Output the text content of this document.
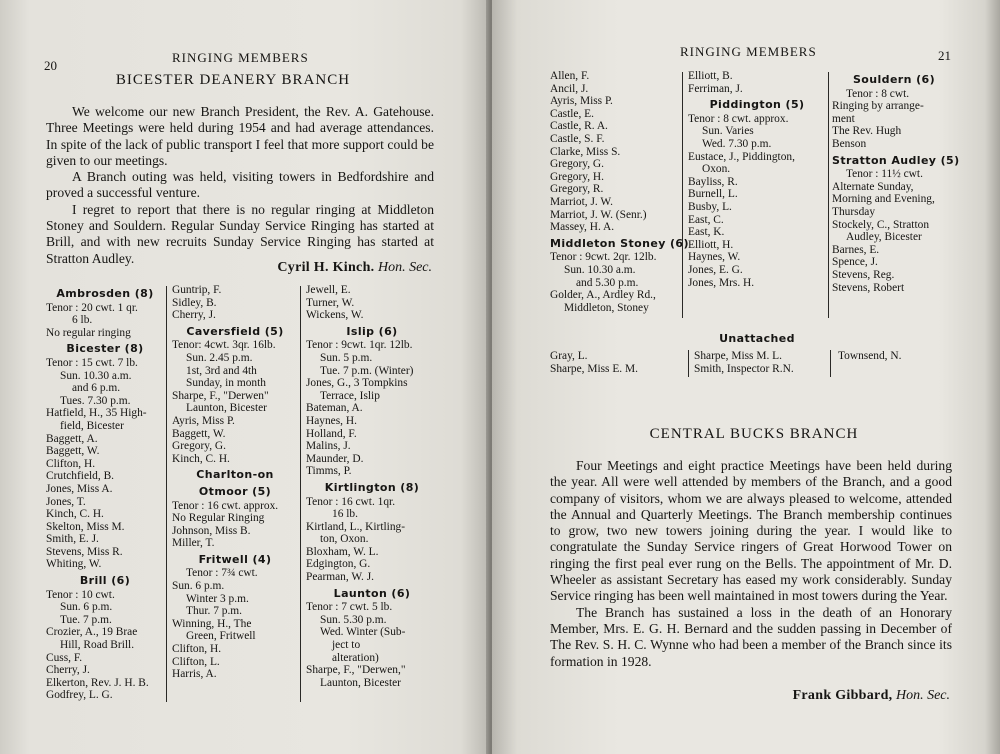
20
RINGING MEMBERS
BICESTER DEANERY BRANCH

We welcome our new Branch President, the Rev. A. Gatehouse. Three Meetings were held during 1954 and had average attendances. In spite of the lack of public transport I feel that more support could be given to our meetings.

A Branch outing was held, visiting towers in Bedfordshire and proved a successful venture.

I regret to report that there is no regular ringing at Middleton Stoney and Souldern. Regular Sunday Service Ringing has started at Brill, and with new recruits Sunday Service Ringing has started at Stratton Audley.

Cyril H. Kinch. Hon. Sec.
Ambrosden (8)
Tenor : 20 cwt. 1 qr.
6 lb.
No regular ringing
Bicester (8)
Tenor : 15 cwt. 7 lb.
Sun. 10.30 a.m.
and 6 p.m.
Tues. 7.30 p.m.
Hatfield, H., 35 High-
field, Bicester
Baggett, A.
Baggett, W.
Clifton, H.
Crutchfield, B.
Jones, Miss A.
Jones, T.
Kinch, C. H.
Skelton, Miss M.
Smith, E. J.
Stevens, Miss R.
Whiting, W.
Brill (6)
Tenor : 10 cwt.
Sun. 6 p.m.
Tue. 7 p.m.
Crozier, A., 19 Brae
Hill, Road Brill.
Cuss, F.
Cherry, J.
Elkerton, Rev. J. H. B.
Godfrey, L. G.
Guntrip, F.
Sidley, B.
Cherry, J.
Caversfield (5)
Tenor: 4cwt. 3qr. 16lb.
Sun. 2.45 p.m.
1st, 3rd and 4th
Sunday, in month
Sharpe, F., "Derwen"
Launton, Bicester
Ayris, Miss P.
Baggett, W.
Gregory, G.
Kinch, C. H.
Charlton-on
Otmoor (5)
Tenor : 16 cwt. approx.
No Regular Ringing
Johnson, Miss B.
Miller, T.
Fritwell (4)
Tenor : 7¾ cwt.
Sun. 6 p.m.
Winter 3 p.m.
Thur. 7 p.m.
Winning, H., The
Green, Fritwell
Clifton, H.
Clifton, L.
Harris, A.
Jewell, E.
Turner, W.
Wickens, W.
Islip (6)
Tenor : 9cwt. 1qr. 12lb.
Sun. 5 p.m.
Tue. 7 p.m. (Winter)
Jones, G., 3 Tompkins
Terrace, Islip
Bateman, A.
Haynes, H.
Holland, F.
Malins, J.
Maunder, D.
Timms, P.
Kirtlington (8)
Tenor : 16 cwt. 1qr.
16 lb.
Kirtland, L., Kirtling-
ton, Oxon.
Bloxham, W. L.
Edgington, G.
Pearman, W. J.
Launton (6)
Tenor : 7 cwt. 5 lb.
Sun. 5.30 p.m.
Wed. Winter (Sub-
ject to
alteration)
Sharpe, F., "Derwen,"
Launton, Bicester
RINGING MEMBERS	21
Allen, F.
Ancil, J.
Ayris, Miss P.
Castle, E.
Castle, R. A.
Castle, S. F.
Clarke, Miss S.
Gregory, G.
Gregory, H.
Gregory, R.
Marriot, J. W.
Marriot, J. W. (Senr.)
Massey, H. A.
Middleton Stoney (6)
Tenor : 9cwt. 2qr. 12lb.
Sun. 10.30 a.m.
and 5.30 p.m.
Golder, A., Ardley Rd.,
Middleton, Stoney
Elliott, B.
Ferriman, J.
Piddington (5)
Tenor : 8 cwt. approx.
Sun. Varies
Wed. 7.30 p.m.
Eustace, J., Piddington,
Oxon.
Bayliss, R.
Burnell, L.
Busby, L.
East, C.
East, K.
Elliott, H.
Haynes, W.
Jones, E. G.
Jones, Mrs. H.
Souldern (6)
Tenor : 8 cwt.
Ringing by arrange-
ment
The Rev. Hugh
Benson
Stratton Audley (5)
Tenor : 11½ cwt.
Alternate Sunday,
Morning and Evening,
Thursday
Stockely, C., Stratton
Audley, Bicester
Barnes, E.
Spence, J.
Stevens, Reg.
Stevens, Robert
Unattached
Gray, L.
Sharpe, Miss E. M.
Sharpe, Miss M. L.
Smith, Inspector R.N.
Townsend, N.
CENTRAL BUCKS BRANCH

Four Meetings and eight practice Meetings have been held during the year. All were well attended by members of the Branch, and a good company of visitors, whom we are always pleased to welcome, attended the Annual and Quarterly Meetings. The Branch membership continues to grow, two new towers joining during the year. I would like to congratulate the Sunday Service ringers of Great Horwood Tower on ringing the first peal ever rung on the Bells. The appointment of Mr. D. Wheeler as assistant Secretary has eased my work considerably. Sunday Service ringing has been well maintained in most towers during the Year.

The Branch has sustained a loss in the death of an Honorary Member, Mrs. E. G. H. Bernard and the sudden passing in December of The Rev. S. H. C. Wynne who had been a member of the Branch since its formation in 1928.

Frank Gibbard, Hon. Sec.
